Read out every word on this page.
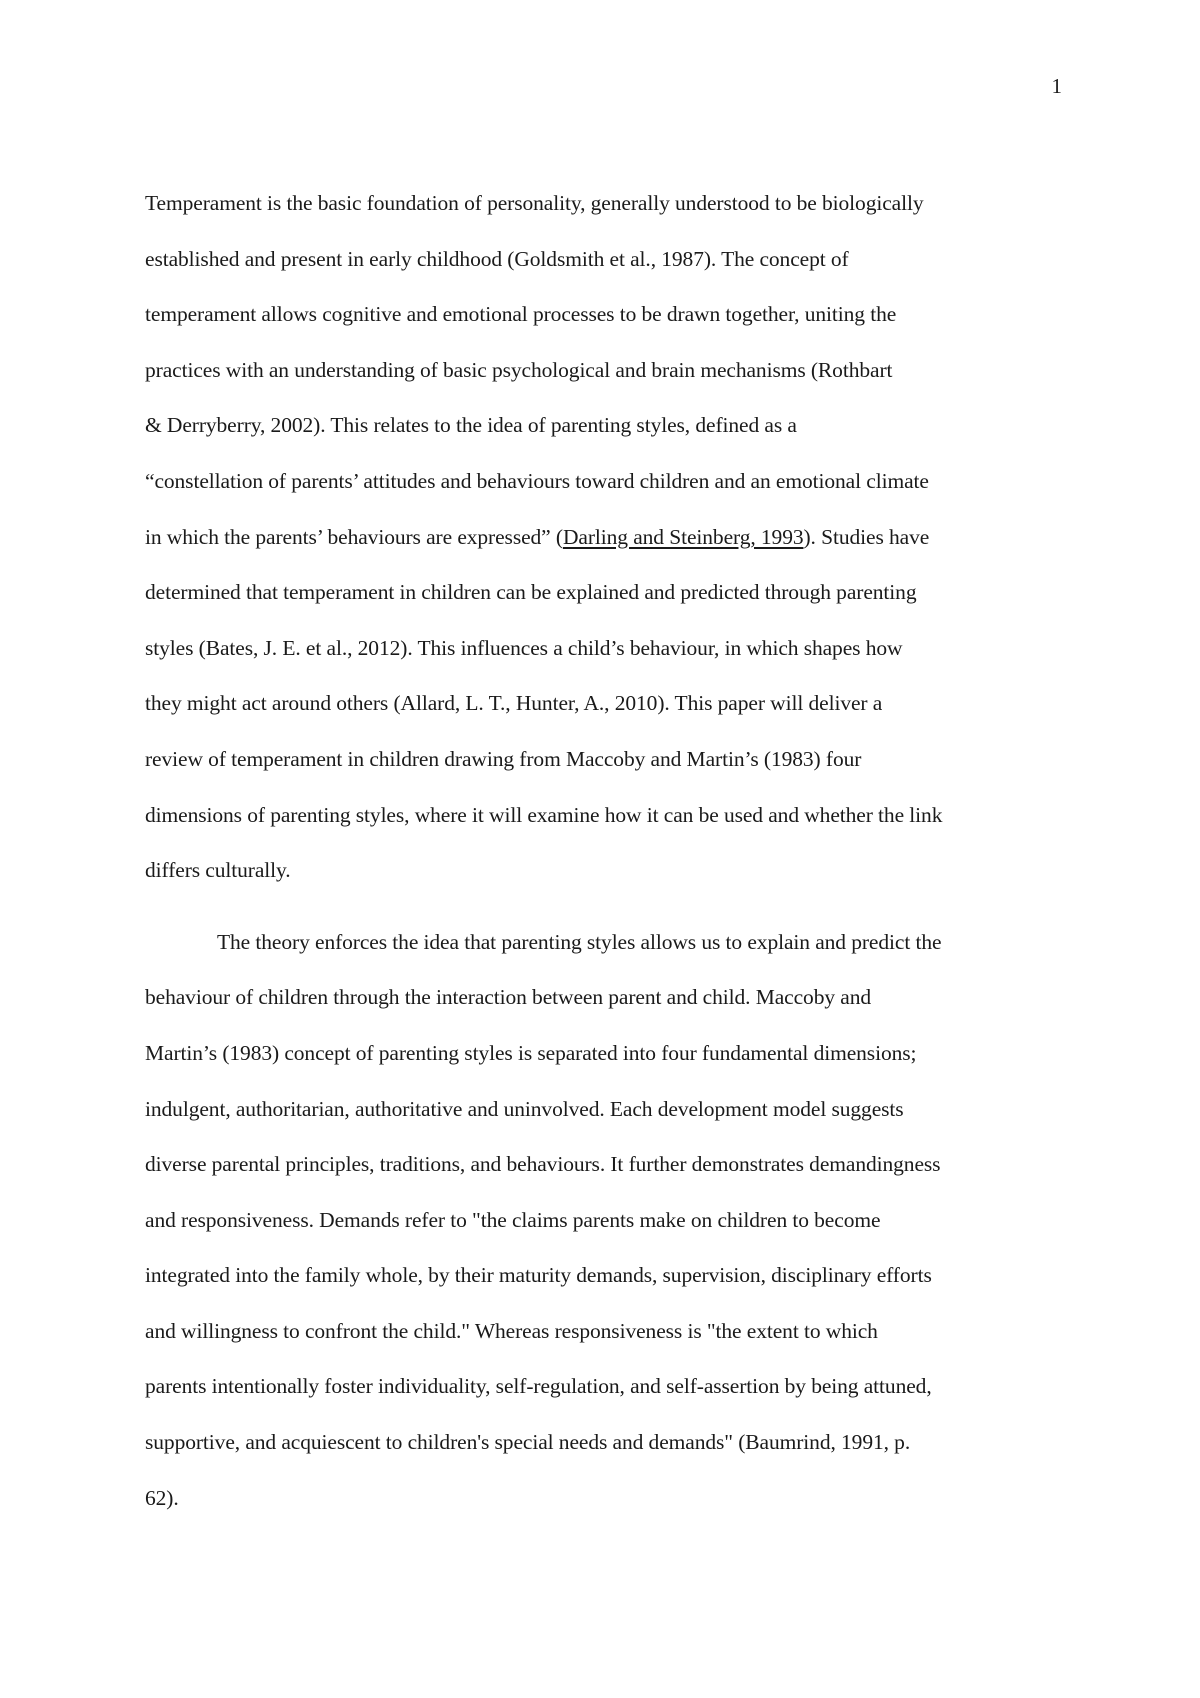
1
Temperament is the basic foundation of personality, generally understood to be biologically
established and present in early childhood (Goldsmith et al., 1987). The concept of
temperament allows cognitive and emotional processes to be drawn together, uniting the
practices with an understanding of basic psychological and brain mechanisms (Rothbart
& Derryberry, 2002). This relates to the idea of parenting styles, defined as a
“constellation of parents’ attitudes and behaviours toward children and an emotional climate
in which the parents’ behaviours are expressed” (Darling and Steinberg, 1993). Studies have
determined that temperament in children can be explained and predicted through parenting
styles (Bates, J. E. et al., 2012). This influences a child’s behaviour, in which shapes how
they might act around others (Allard, L. T., Hunter, A., 2010). This paper will deliver a
review of temperament in children drawing from Maccoby and Martin’s (1983) four
dimensions of parenting styles, where it will examine how it can be used and whether the link
differs culturally.
The theory enforces the idea that parenting styles allows us to explain and predict the
behaviour of children through the interaction between parent and child. Maccoby and
Martin’s (1983) concept of parenting styles is separated into four fundamental dimensions;
indulgent, authoritarian, authoritative and uninvolved. Each development model suggests
diverse parental principles, traditions, and behaviours. It further demonstrates demandingness
and responsiveness. Demands refer to "the claims parents make on children to become
integrated into the family whole, by their maturity demands, supervision, disciplinary efforts
and willingness to confront the child." Whereas responsiveness is "the extent to which
parents intentionally foster individuality, self-regulation, and self-assertion by being attuned,
supportive, and acquiescent to children's special needs and demands" (Baumrind, 1991, p.
62).
